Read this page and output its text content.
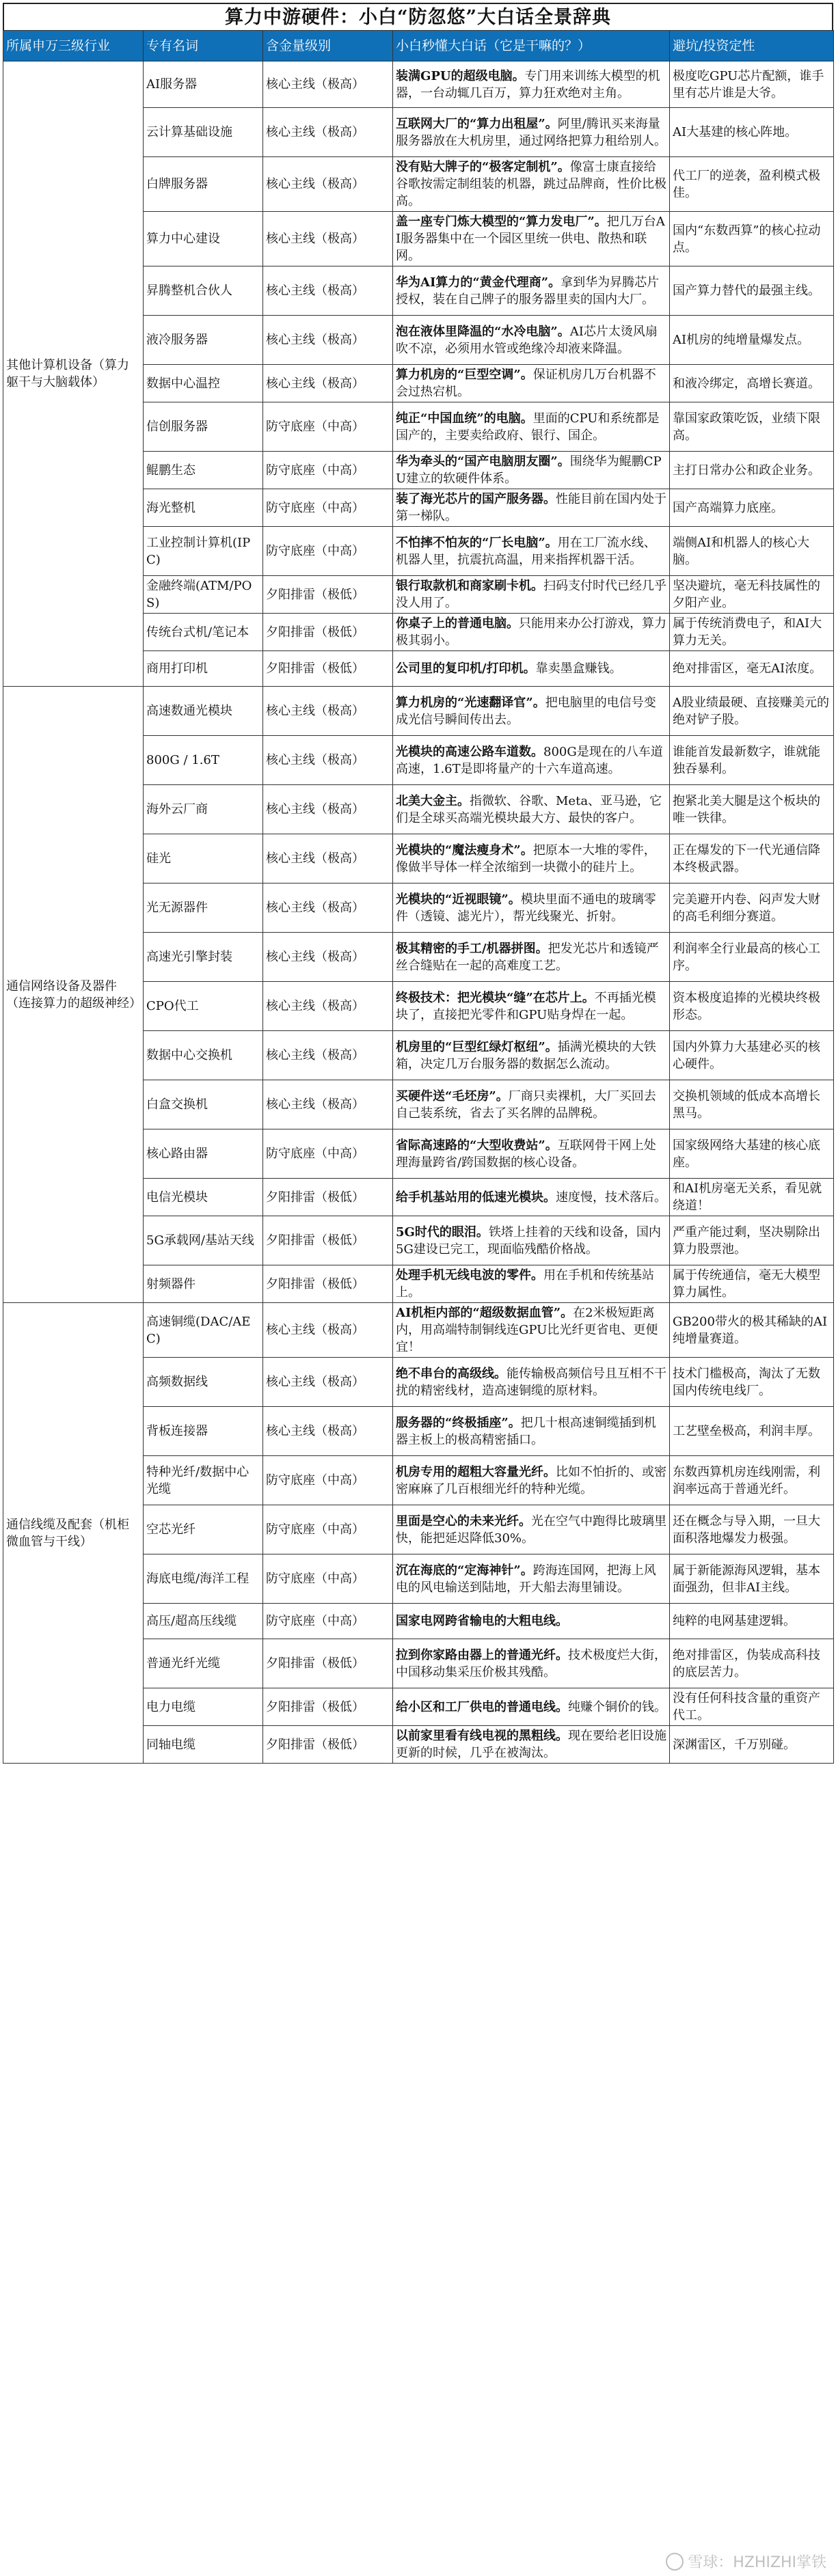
算力中游硬件：小白“防忽悠”大白话全景辞典
所属申万三级行业	专有名词	含金量级别	小白秒懂大白话（它是干嘛的？）	避坑/投资定性
其他计算机设备（算力躯干与大脑载体）	AI服务器	核心主线（极高）	装满GPU的超级电脑。专门用来训练大模型的机器，一台动辄几百万，算力狂欢绝对主角。	极度吃GPU芯片配额，谁手里有芯片谁是大爷。
	云计算基础设施	核心主线（极高）	互联网大厂的“算力出租屋”。阿里/腾讯买来海量服务器放在大机房里，通过网络把算力租给别人。	AI大基建的核心阵地。
	白牌服务器	核心主线（极高）	没有贴大牌子的“极客定制机”。像富士康直接给谷歌按需定制组装的机器，跳过品牌商，性价比极高。	代工厂的逆袭，盈利模式极佳。
	算力中心建设	核心主线（极高）	盖一座专门炼大模型的“算力发电厂”。把几万台AI服务器集中在一个园区里统一供电、散热和联网。	国内“东数西算”的核心拉动点。
	昇腾整机合伙人	核心主线（极高）	华为AI算力的“黄金代理商”。拿到华为昇腾芯片授权，装在自己牌子的服务器里卖的国内大厂。	国产算力替代的最强主线。
	液冷服务器	核心主线（极高）	泡在液体里降温的“水冷电脑”。AI芯片太烫风扇吹不凉，必须用水管或绝缘冷却液来降温。	AI机房的纯增量爆发点。
	数据中心温控	核心主线（极高）	算力机房的“巨型空调”。保证机房几万台机器不会过热宕机。	和液冷绑定，高增长赛道。
	信创服务器	防守底座（中高）	纯正“中国血统”的电脑。里面的CPU和系统都是国产的，主要卖给政府、银行、国企。	靠国家政策吃饭，业绩下限高。
	鲲鹏生态	防守底座（中高）	华为牵头的“国产电脑朋友圈”。围绕华为鲲鹏CPU建立的软硬件体系。	主打日常办公和政企业务。
	海光整机	防守底座（中高）	装了海光芯片的国产服务器。性能目前在国内处于第一梯队。	国产高端算力底座。
	工业控制计算机(IPC)	防守底座（中高）	不怕摔不怕灰的“厂长电脑”。用在工厂流水线、机器人里，抗震抗高温，用来指挥机器干活。	端侧AI和机器人的核心大脑。
	金融终端(ATM/POS)	夕阳排雷（极低）	银行取款机和商家刷卡机。扫码支付时代已经几乎没人用了。	坚决避坑，毫无科技属性的夕阳产业。
	传统台式机/笔记本	夕阳排雷（极低）	你桌子上的普通电脑。只能用来办公打游戏，算力极其弱小。	属于传统消费电子，和AI大算力无关。
	商用打印机	夕阳排雷（极低）	公司里的复印机/打印机。靠卖墨盒赚钱。	绝对排雷区，毫无AI浓度。
通信网络设备及器件（连接算力的超级神经）	高速数通光模块	核心主线（极高）	算力机房的“光速翻译官”。把电脑里的电信号变成光信号瞬间传出去。	A股业绩最硬、直接赚美元的绝对铲子股。
	800G / 1.6T	核心主线（极高）	光模块的高速公路车道数。800G是现在的八车道高速，1.6T是即将量产的十六车道高速。	谁能首发最新数字，谁就能独吞暴利。
	海外云厂商	核心主线（极高）	北美大金主。指微软、谷歌、Meta、亚马逊，它们是全球买高端光模块最大方、最快的客户。	抱紧北美大腿是这个板块的唯一铁律。
	硅光	核心主线（极高）	光模块的“魔法瘦身术”。把原本一大堆的零件，像做半导体一样全浓缩到一块微小的硅片上。	正在爆发的下一代光通信降本终极武器。
	光无源器件	核心主线（极高）	光模块的“近视眼镜”。模块里面不通电的玻璃零件（透镜、滤光片），帮光线聚光、折射。	完美避开内卷、闷声发大财的高毛利细分赛道。
	高速光引擎封装	核心主线（极高）	极其精密的手工/机器拼图。把发光芯片和透镜严丝合缝贴在一起的高难度工艺。	利润率全行业最高的核心工序。
	CPO代工	核心主线（极高）	终极技术：把光模块“缝”在芯片上。不再插光模块了，直接把光零件和GPU贴身焊在一起。	资本极度追捧的光模块终极形态。
	数据中心交换机	核心主线（极高）	机房里的“巨型红绿灯枢纽”。插满光模块的大铁箱，决定几万台服务器的数据怎么流动。	国内外算力大基建必买的核心硬件。
	白盒交换机	核心主线（极高）	买硬件送“毛坯房”。厂商只卖裸机，大厂买回去自己装系统，省去了买名牌的品牌税。	交换机领域的低成本高增长黑马。
	核心路由器	防守底座（中高）	省际高速路的“大型收费站”。互联网骨干网上处理海量跨省/跨国数据的核心设备。	国家级网络大基建的核心底座。
	电信光模块	夕阳排雷（极低）	给手机基站用的低速光模块。速度慢，技术落后。	和AI机房毫无关系，看见就绕道！
	5G承载网/基站天线	夕阳排雷（极低）	5G时代的眼泪。铁塔上挂着的天线和设备，国内5G建设已完工，现面临残酷价格战。	严重产能过剩，坚决剔除出算力股票池。
	射频器件	夕阳排雷（极低）	处理手机无线电波的零件。用在手机和传统基站上。	属于传统通信，毫无大模型算力属性。
通信线缆及配套（机柜微血管与干线）	高速铜缆(DAC/AEC)	核心主线（极高）	AI机柜内部的“超级数据血管”。在2米极短距离内，用高端特制铜线连GPU比光纤更省电、更便宜！	GB200带火的极其稀缺的AI纯增量赛道。
	高频数据线	核心主线（极高）	绝不串台的高级线。能传输极高频信号且互相不干扰的精密线材，造高速铜缆的原材料。	技术门槛极高，淘汰了无数国内传统电线厂。
	背板连接器	核心主线（极高）	服务器的“终极插座”。把几十根高速铜缆插到机器主板上的极高精密插口。	工艺壁垒极高，利润丰厚。
	特种光纤/数据中心光缆	防守底座（中高）	机房专用的超粗大容量光纤。比如不怕折的、或密密麻麻了几百根细光纤的特种光缆。	东数西算机房连线刚需，利润率远高于普通光纤。
	空芯光纤	防守底座（中高）	里面是空心的未来光纤。光在空气中跑得比玻璃里快，能把延迟降低30%。	还在概念与导入期，一旦大面积落地爆发力极强。
	海底电缆/海洋工程	防守底座（中高）	沉在海底的“定海神针”。跨海连国网，把海上风电的风电输送到陆地，开大船去海里铺设。	属于新能源海风逻辑，基本面强劲，但非AI主线。
	高压/超高压线缆	防守底座（中高）	国家电网跨省输电的大粗电线。	纯粹的电网基建逻辑。
	普通光纤光缆	夕阳排雷（极低）	拉到你家路由器上的普通光纤。技术极度烂大街，中国移动集采压价极其残酷。	绝对排雷区，伪装成高科技的底层苦力。
	电力电缆	夕阳排雷（极低）	给小区和工厂供电的普通电线。纯赚个铜价的钱。	没有任何科技含量的重资产代工。
	同轴电缆	夕阳排雷（极低）	以前家里看有线电视的黑粗线。现在要给老旧设施更新的时候，几乎在被淘汰。	深渊雷区，千万别碰。
雪球：HZHIZHI掌铁
